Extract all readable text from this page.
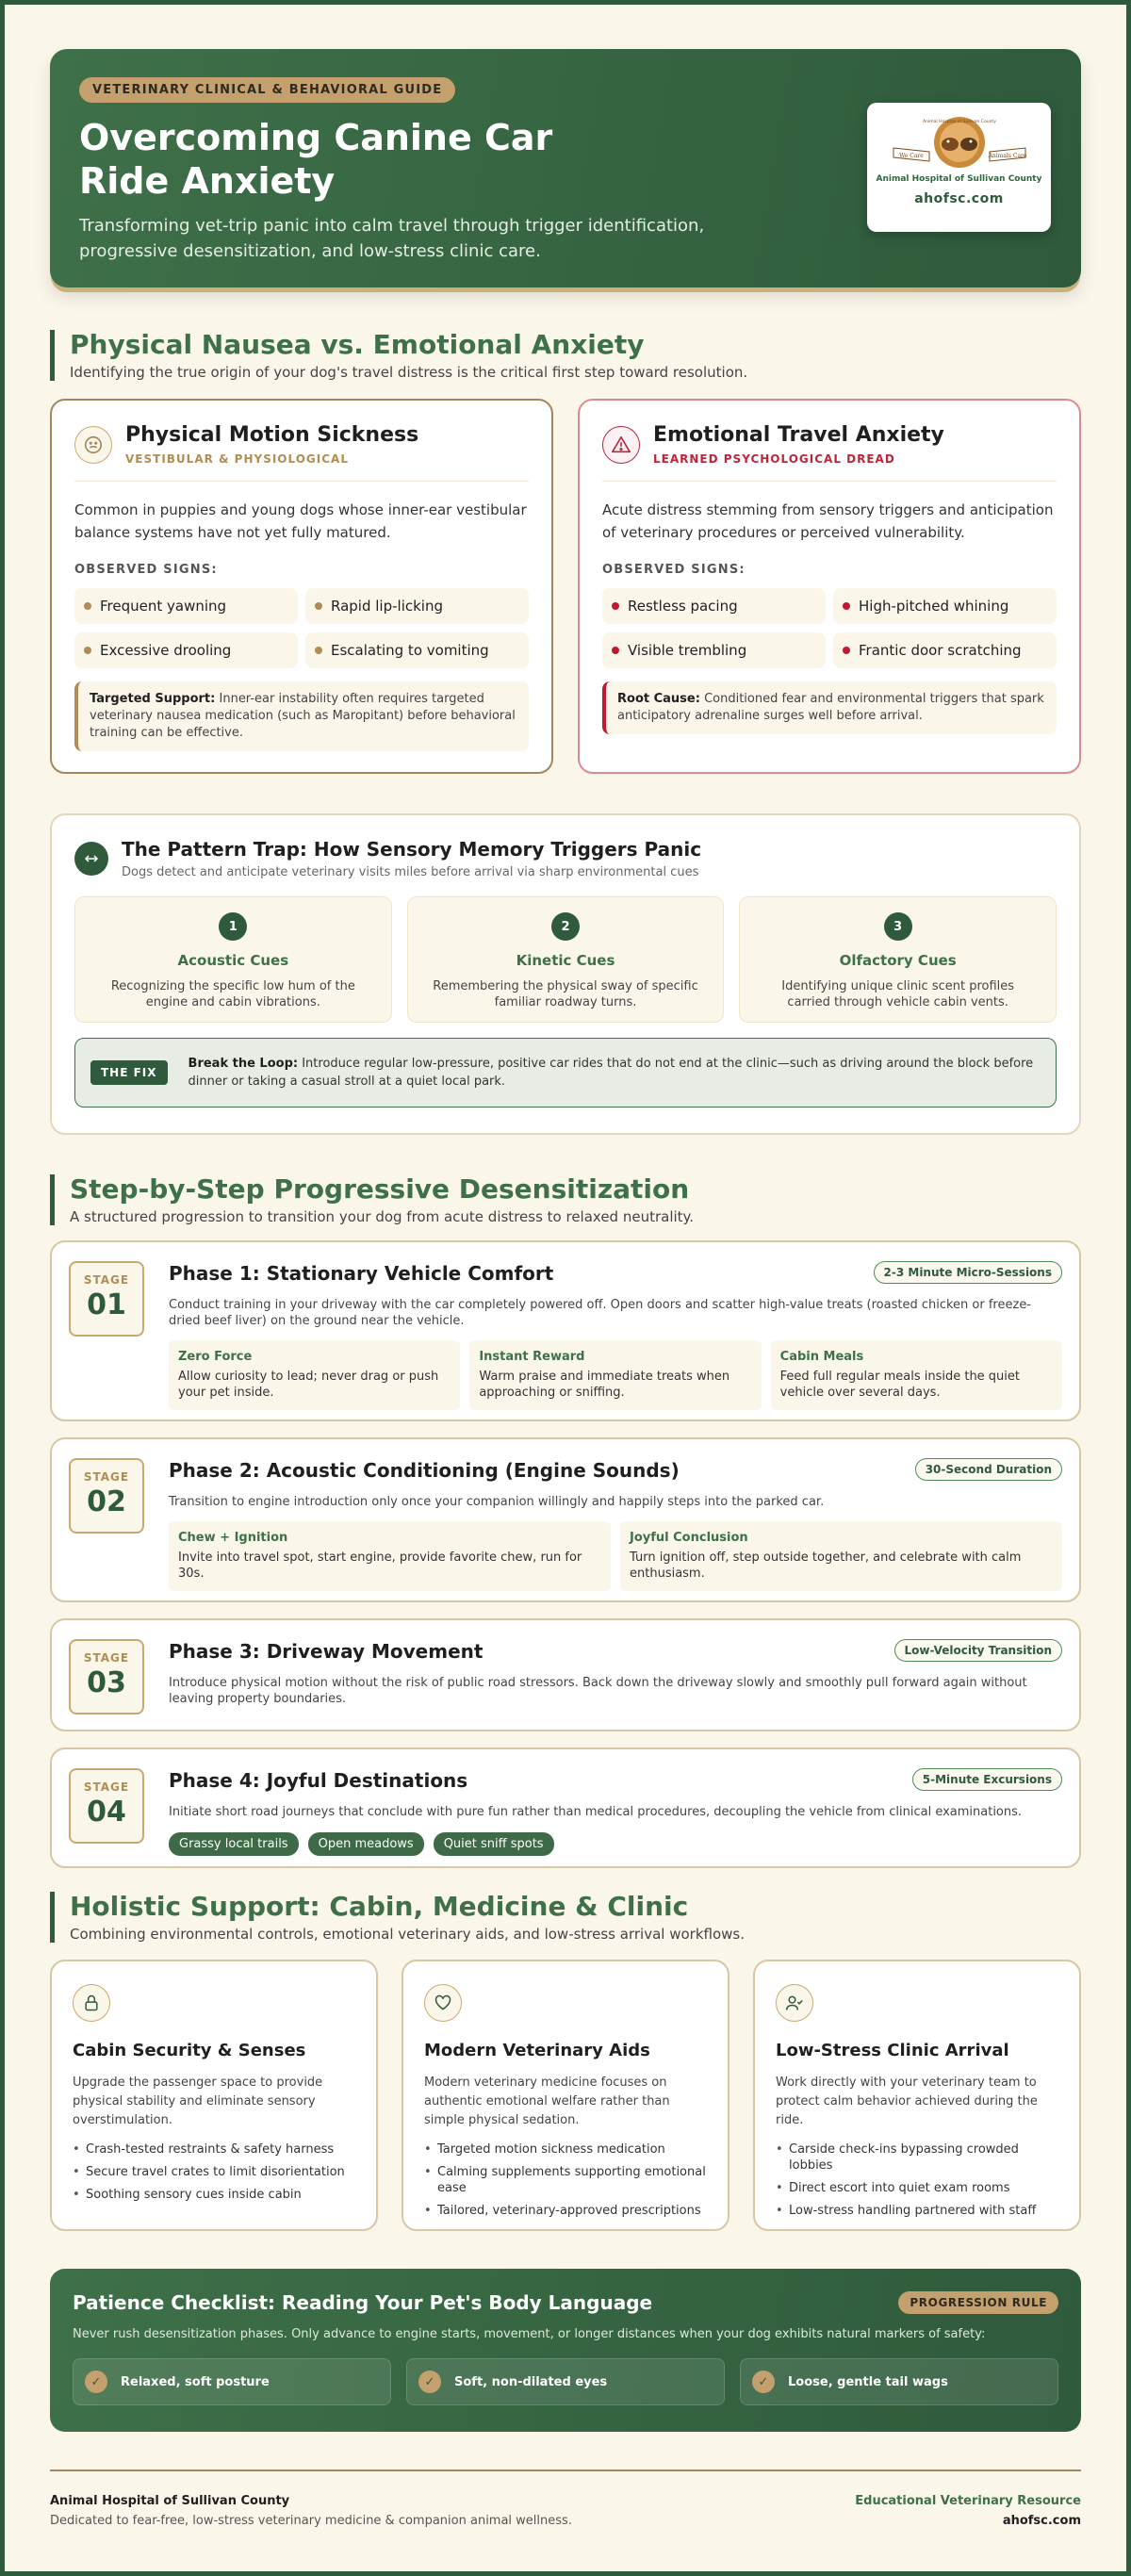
VETERINARY CLINICAL & BEHAVIORAL GUIDE
Overcoming Canine Car Ride Anxiety

Transforming vet-trip panic into calm travel through trigger identification, progressive desensitization, and low-stress clinic care.

We Care	Animals Care
Animal Hospital of Sullivan County
Animal Hospital of Sullivan County
ahofsc.com
Physical Nausea vs. Emotional Anxiety

Identifying the true origin of your dog's travel distress is the critical first step toward resolution.

Physical Motion Sickness
VESTIBULAR & PHYSIOLOGICAL

Common in puppies and young dogs whose inner-ear vestibular balance systems have not yet fully matured.

OBSERVED SIGNS:
Frequent yawning	Rapid lip-licking
Excessive drooling	Escalating to vomiting
Targeted Support: Inner-ear instability often requires targeted veterinary nausea medication (such as Maropitant) before behavioral training can be effective.
Emotional Travel Anxiety
LEARNED PSYCHOLOGICAL DREAD

Acute distress stemming from sensory triggers and anticipation of veterinary procedures or perceived vulnerability.

OBSERVED SIGNS:
Restless pacing	High-pitched whining
Visible trembling	Frantic door scratching
Root Cause: Conditioned fear and environmental triggers that spark anticipatory adrenaline surges well before arrival.
The Pattern Trap: How Sensory Memory Triggers Panic
Dogs detect and anticipate veterinary visits miles before arrival via sharp environmental cues
1
Acoustic Cues
Recognizing the specific low hum of the engine and cabin vibrations.
2
Kinetic Cues
Remembering the physical sway of specific familiar roadway turns.
3
Olfactory Cues
Identifying unique clinic scent profiles carried through vehicle cabin vents.
THE FIX

Break the Loop: Introduce regular low-pressure, positive car rides that do not end at the clinic—such as driving around the block before dinner or taking a casual stroll at a quiet local park.

Step-by-Step Progressive Desensitization

A structured progression to transition your dog from acute distress to relaxed neutrality.

STAGE
01
Phase 1: Stationary Vehicle Comfort	2-3 Minute Micro-Sessions

Conduct training in your driveway with the car completely powered off. Open doors and scatter high-value treats (roasted chicken or freeze-dried beef liver) on the ground near the vehicle.

Zero Force
Allow curiosity to lead; never drag or push your pet inside.
Instant Reward
Warm praise and immediate treats when approaching or sniffing.
Cabin Meals
Feed full regular meals inside the quiet vehicle over several days.
STAGE
02
Phase 2: Acoustic Conditioning (Engine Sounds)	30-Second Duration

Transition to engine introduction only once your companion willingly and happily steps into the parked car.

Chew + Ignition
Invite into travel spot, start engine, provide favorite chew, run for 30s.
Joyful Conclusion
Turn ignition off, step outside together, and celebrate with calm enthusiasm.
STAGE
03
Phase 3: Driveway Movement	Low-Velocity Transition

Introduce physical motion without the risk of public road stressors. Back down the driveway slowly and smoothly pull forward again without leaving property boundaries.

STAGE
04
Phase 4: Joyful Destinations	5-Minute Excursions

Initiate short road journeys that conclude with pure fun rather than medical procedures, decoupling the vehicle from clinical examinations.

Grassy local trails	Open meadows	Quiet sniff spots
Holistic Support: Cabin, Medicine & Clinic

Combining environmental controls, emotional veterinary aids, and low-stress arrival workflows.

Cabin Security & Senses

Upgrade the passenger space to provide physical stability and eliminate sensory overstimulation.

• Crash-tested restraints & safety harness
• Secure travel crates to limit disorientation
• Soothing sensory cues inside cabin
Modern Veterinary Aids

Modern veterinary medicine focuses on authentic emotional welfare rather than simple physical sedation.

• Targeted motion sickness medication
• Calming supplements supporting emotional ease
• Tailored, veterinary-approved prescriptions
Low-Stress Clinic Arrival

Work directly with your veterinary team to protect calm behavior achieved during the ride.

• Carside check-ins bypassing crowded lobbies
• Direct escort into quiet exam rooms
• Low-stress handling partnered with staff
Patience Checklist: Reading Your Pet's Body Language	PROGRESSION RULE

Never rush desensitization phases. Only advance to engine starts, movement, or longer distances when your dog exhibits natural markers of safety:

✓	Relaxed, soft posture	✓	Soft, non-dilated eyes	✓	Loose, gentle tail wags
Animal Hospital of Sullivan County
Dedicated to fear-free, low-stress veterinary medicine & companion animal wellness.
Educational Veterinary Resource
ahofsc.com
